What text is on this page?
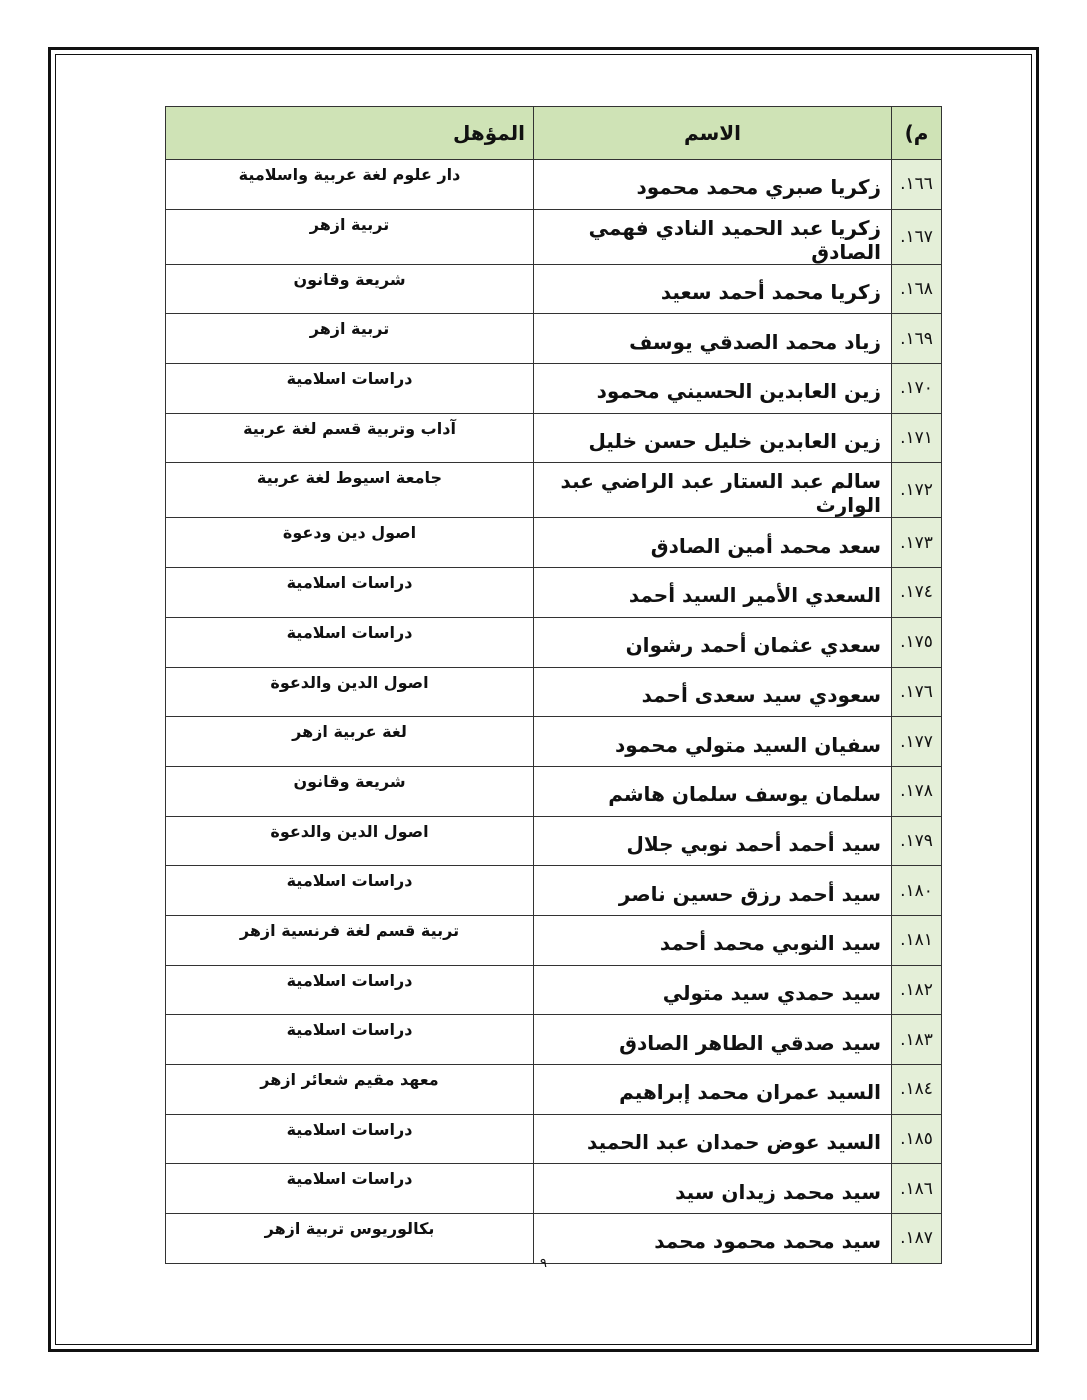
م)	الاسم	المؤهل
١٦٦.	زكريا صبري محمد محمود	دار علوم لغة عربية واسلامية
١٦٧.	زكريا عبد الحميد النادي فهمي الصادق	تربية ازهر
١٦٨.	زكريا محمد أحمد سعيد	شريعة وقانون
١٦٩.	زياد محمد الصدقي يوسف	تربية ازهر
١٧٠.	زين العابدين الحسيني محمود	دراسات اسلامية
١٧١.	زين العابدين خليل حسن خليل	آداب وتربية قسم لغة عربية
١٧٢.	سالم عبد الستار عبد الراضي عبد الوارث	جامعة اسيوط لغة عربية
١٧٣.	سعد محمد أمين الصادق	اصول دين ودعوة
١٧٤.	السعدي الأمير السيد أحمد	دراسات اسلامية
١٧٥.	سعدي عثمان أحمد رشوان	دراسات اسلامية
١٧٦.	سعودي سيد سعدى أحمد	اصول الدين والدعوة
١٧٧.	سفيان السيد متولي محمود	لغة عربية ازهر
١٧٨.	سلمان يوسف سلمان هاشم	شريعة وقانون
١٧٩.	سيد أحمد أحمد نوبي جلال	اصول الدين والدعوة
١٨٠.	سيد أحمد رزق حسين ناصر	دراسات اسلامية
١٨١.	سيد النوبي محمد أحمد	تربية قسم لغة فرنسية ازهر
١٨٢.	سيد حمدي سيد متولي	دراسات اسلامية
١٨٣.	سيد صدقي الطاهر الصادق	دراسات اسلامية
١٨٤.	السيد عمران محمد إبراهيم	معهد مقيم شعائر ازهر
١٨٥.	السيد عوض حمدان عبد الحميد	دراسات اسلامية
١٨٦.	سيد محمد زيدان سيد	دراسات اسلامية
١٨٧.	سيد محمد محمود محمد	بكالوريوس تربية ازهر
٩
